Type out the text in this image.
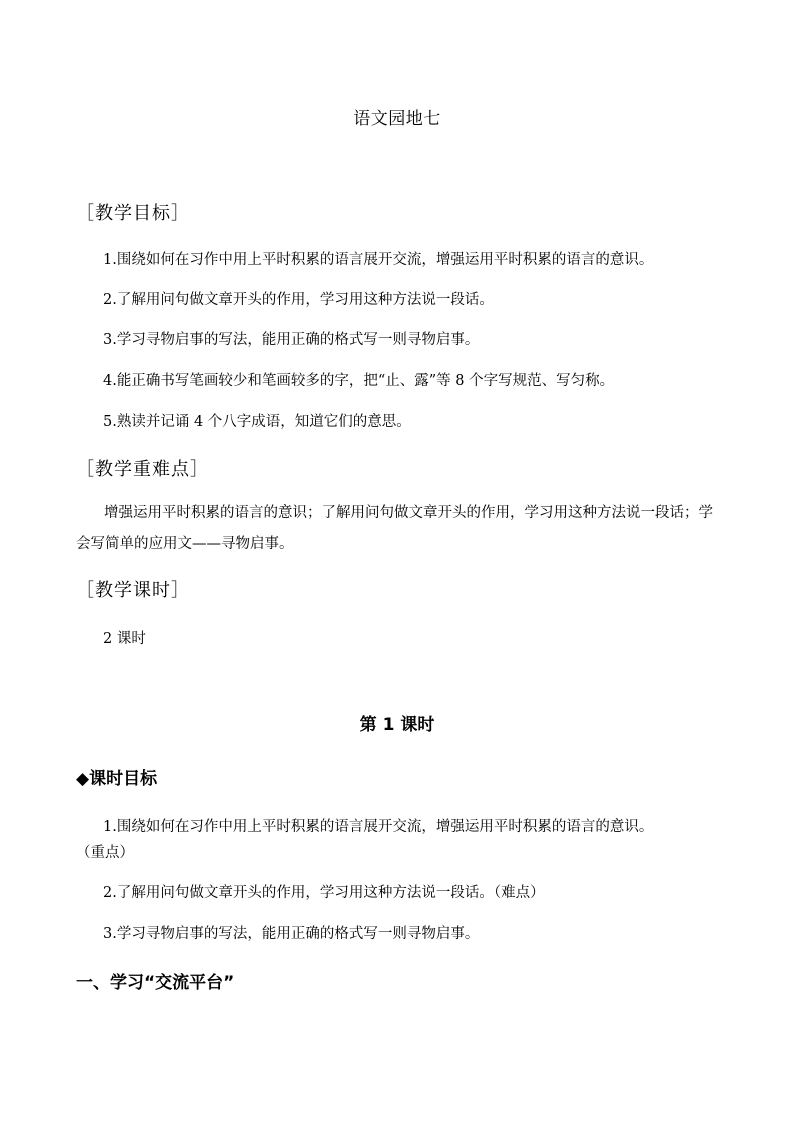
语文园地七
［教学目标］
1.围绕如何在习作中用上平时积累的语言展开交流，增强运用平时积累的语言的意识。
2.了解用问句做文章开头的作用，学习用这种方法说一段话。
3.学习寻物启事的写法，能用正确的格式写一则寻物启事。
4.能正确书写笔画较少和笔画较多的字，把“止、露”等 8 个字写规范、写匀称。
5.熟读并记诵 4 个八字成语，知道它们的意思。
［教学重难点］
增强运用平时积累的语言的意识；了解用问句做文章开头的作用，学习用这种方法说一段话；学会写简单的应用文——寻物启事。
［教学课时］
2 课时
第 1 课时
◆课时目标
1.围绕如何在习作中用上平时积累的语言展开交流，增强运用平时积累的语言的意识。
（重点）
2.了解用问句做文章开头的作用，学习用这种方法说一段话。（难点）
3.学习寻物启事的写法，能用正确的格式写一则寻物启事。
一、学习“交流平台”
